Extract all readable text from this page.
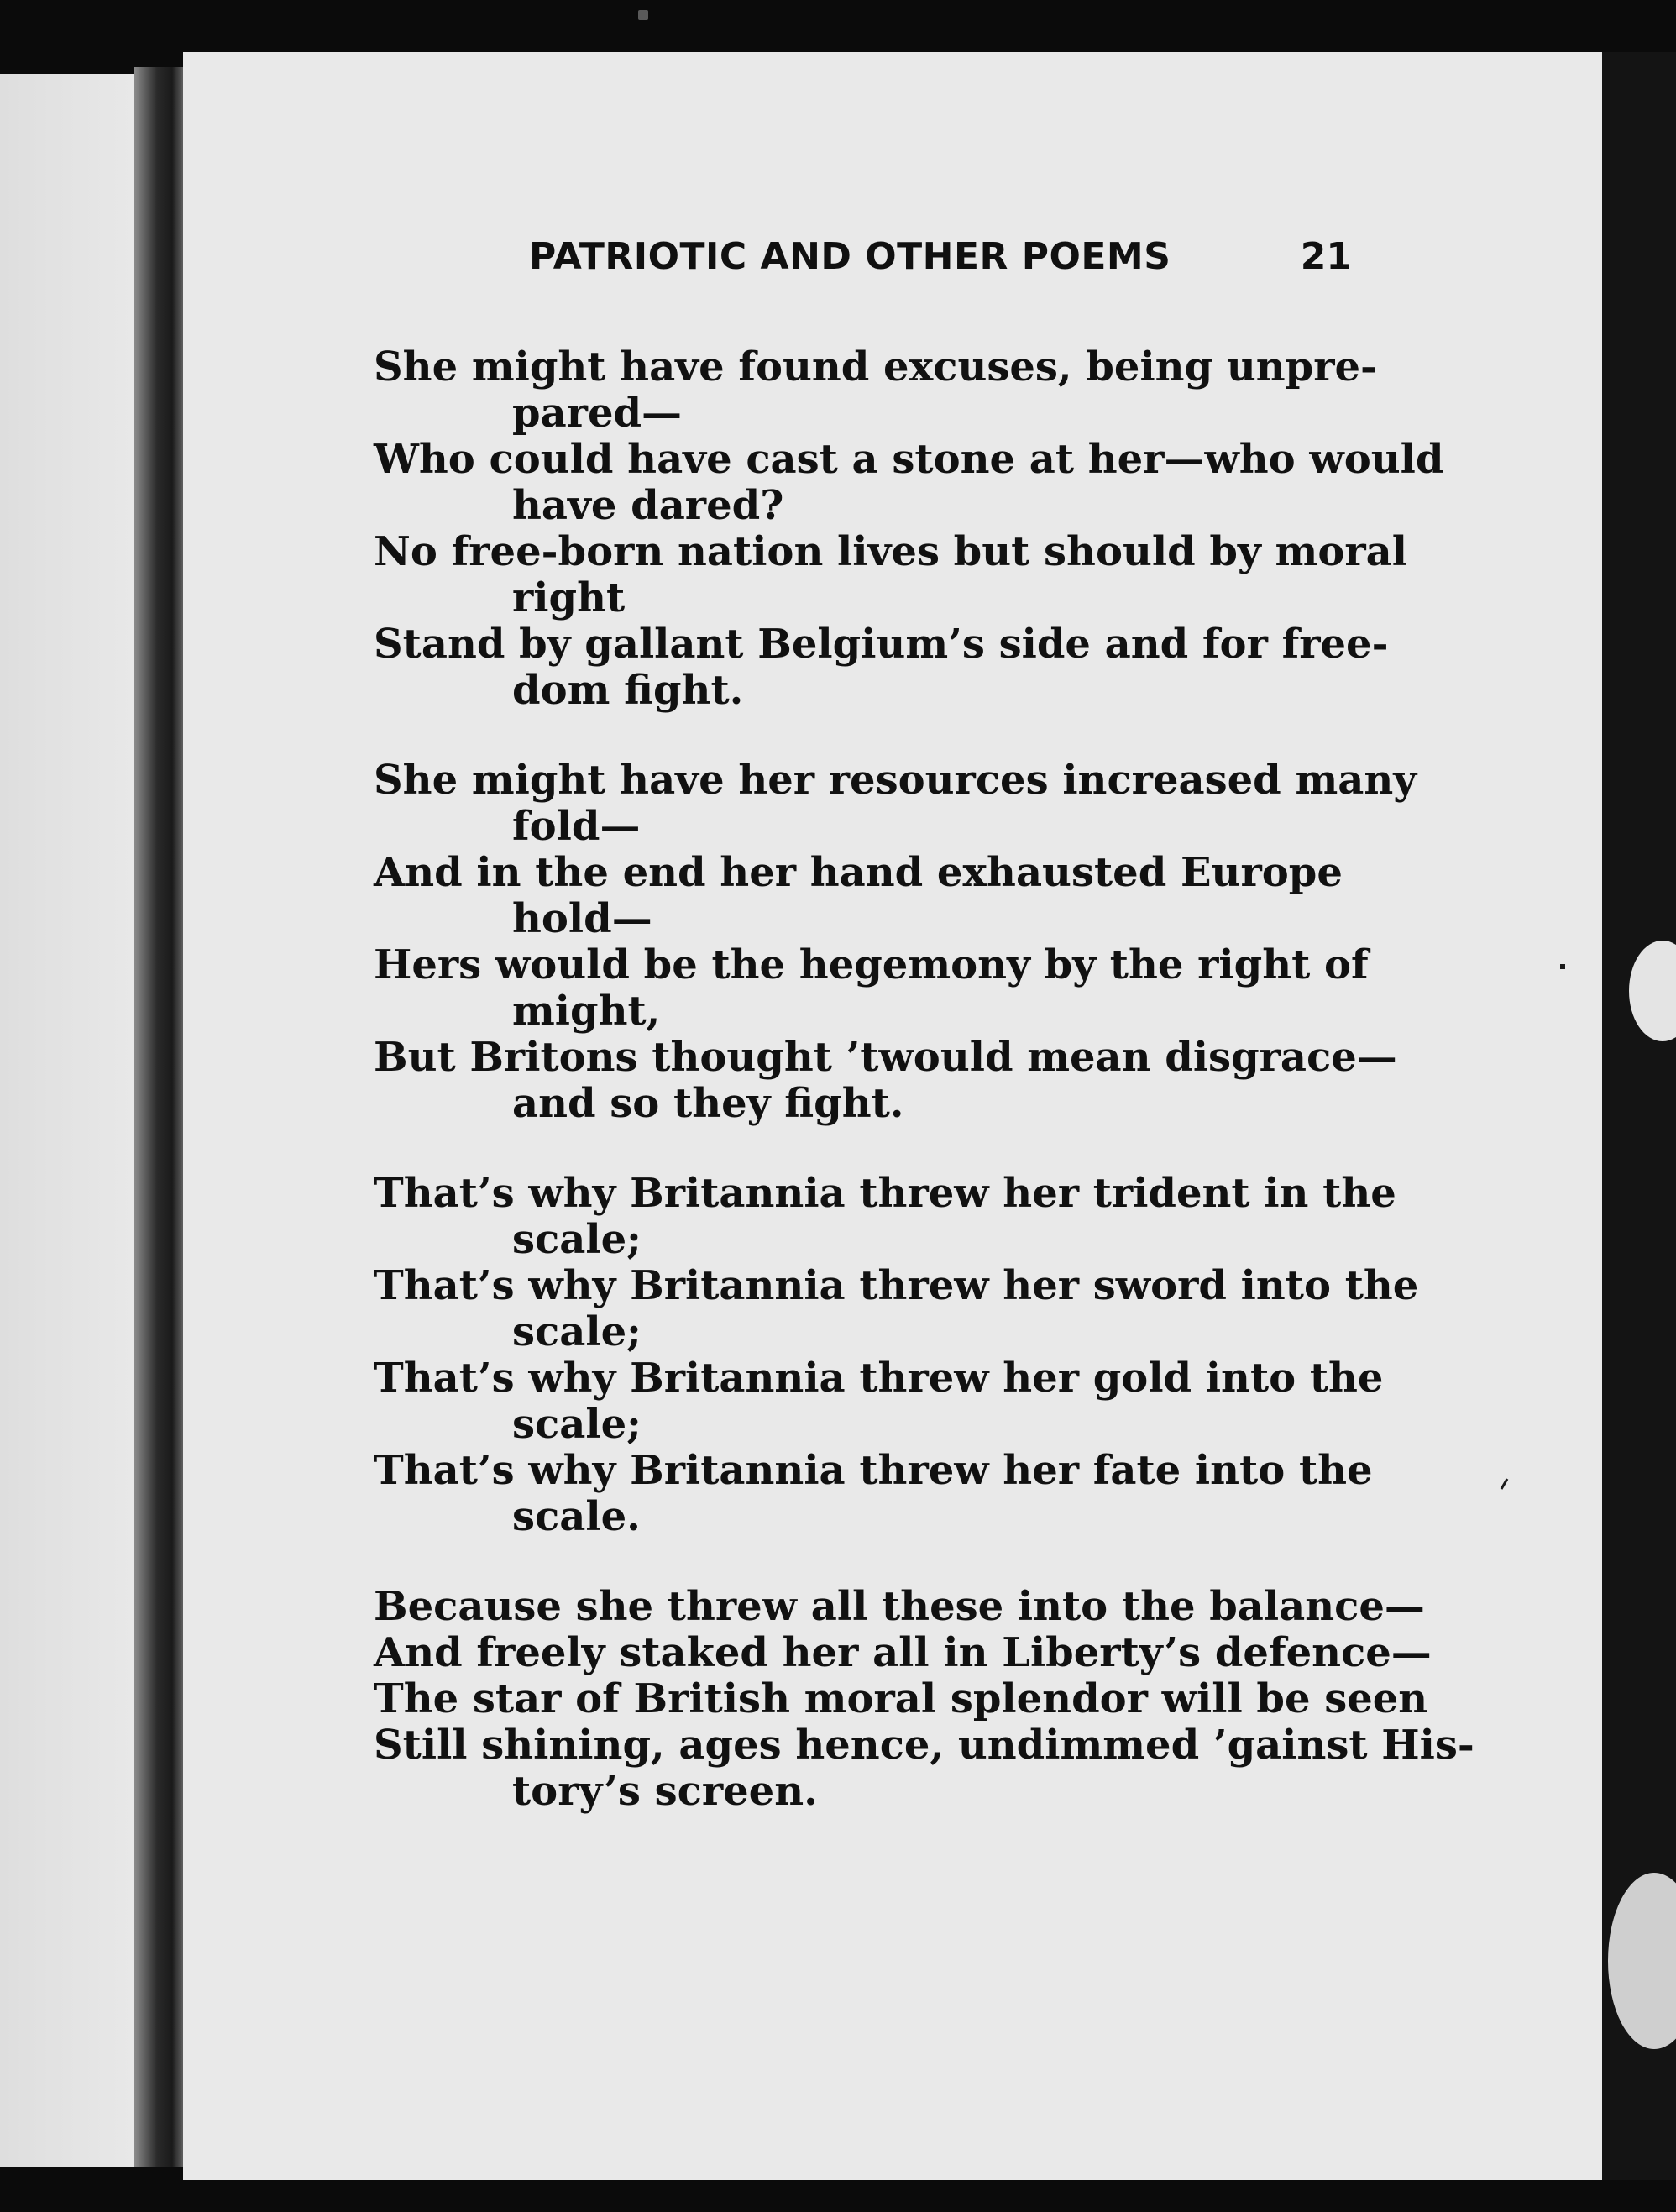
PATRIOTIC AND OTHER POEMS	21
She might have found excuses, being unpre-
pared—
Who could have cast a stone at her—who would
have dared?
No free-born nation lives but should by moral
right
Stand by gallant Belgium’s side and for free-
dom fight.
She might have her resources increased many
fold—
And in the end her hand exhausted Europe
hold—
Hers would be the hegemony by the right of
might,
But Britons thought ’twould mean disgrace—
and so they fight.
That’s why Britannia threw her trident in the
scale;
That’s why Britannia threw her sword into the
scale;
That’s why Britannia threw her gold into the
scale;
That’s why Britannia threw her fate into the
scale.
Because she threw all these into the balance—
And freely staked her all in Liberty’s defence—
The star of British moral splendor will be seen
Still shining, ages hence, undimmed ’gainst His-
tory’s screen.
